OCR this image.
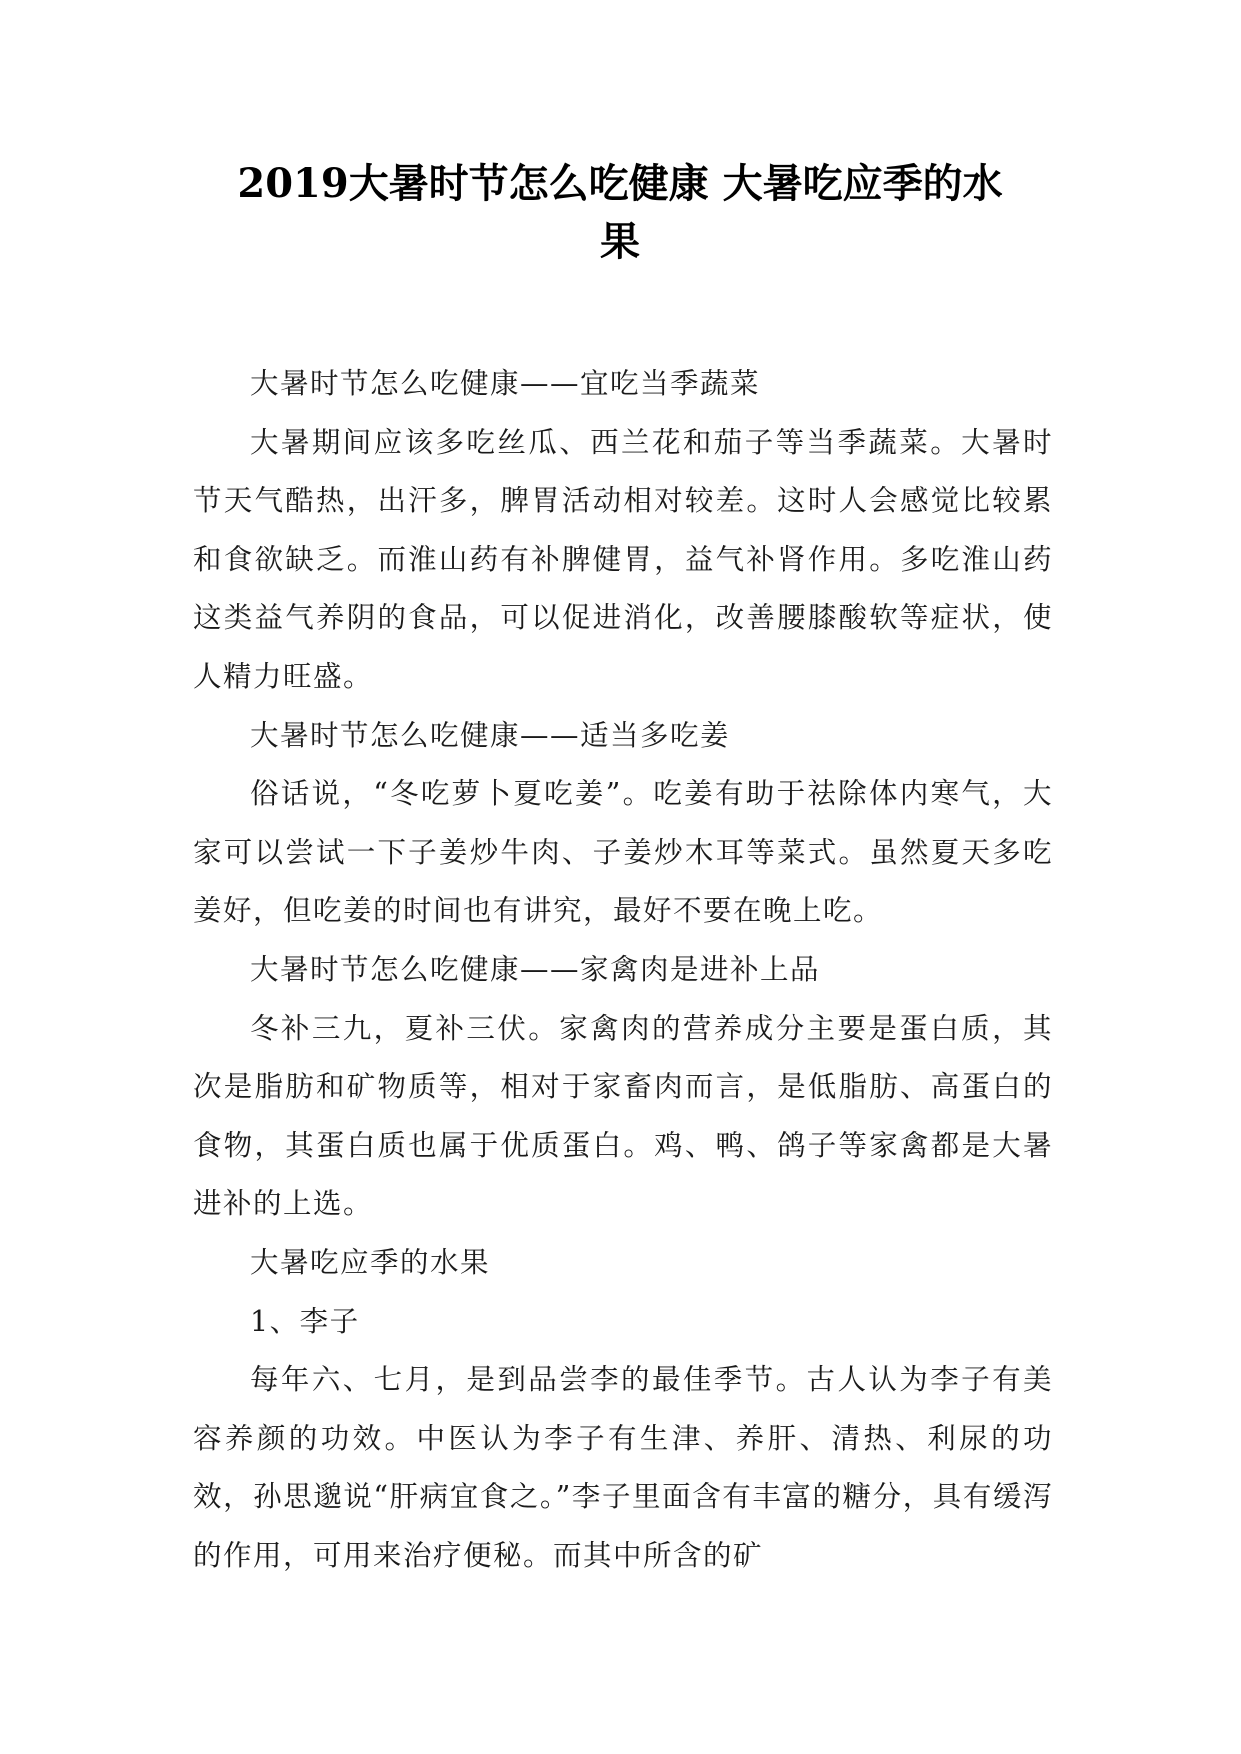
2019大暑时节怎么吃健康 大暑吃应季的水
果

大暑时节怎么吃健康——宜吃当季蔬菜

大暑期间应该多吃丝瓜、西兰花和茄子等当季蔬菜。大暑时节天气酷热，出汗多，脾胃活动相对较差。这时人会感觉比较累和食欲缺乏。而淮山药有补脾健胃，益气补肾作用。多吃淮山药这类益气养阴的食品，可以促进消化，改善腰膝酸软等症状，使人精力旺盛。

大暑时节怎么吃健康——适当多吃姜

俗话说，“冬吃萝卜夏吃姜”。吃姜有助于祛除体内寒气，大家可以尝试一下子姜炒牛肉、子姜炒木耳等菜式。虽然夏天多吃姜好，但吃姜的时间也有讲究，最好不要在晚上吃。

大暑时节怎么吃健康——家禽肉是进补上品

冬补三九，夏补三伏。家禽肉的营养成分主要是蛋白质，其次是脂肪和矿物质等，相对于家畜肉而言，是低脂肪、高蛋白的食物，其蛋白质也属于优质蛋白。鸡、鸭、鸽子等家禽都是大暑进补的上选。

大暑吃应季的水果

1、李子

每年六、七月，是到品尝李的最佳季节。古人认为李子有美容养颜的功效。中医认为李子有生津、养肝、清热、利尿的功效，孙思邈说“肝病宜食之。”李子里面含有丰富的糖分，具有缓泻的作用，可用来治疗便秘。而其中所含的矿
